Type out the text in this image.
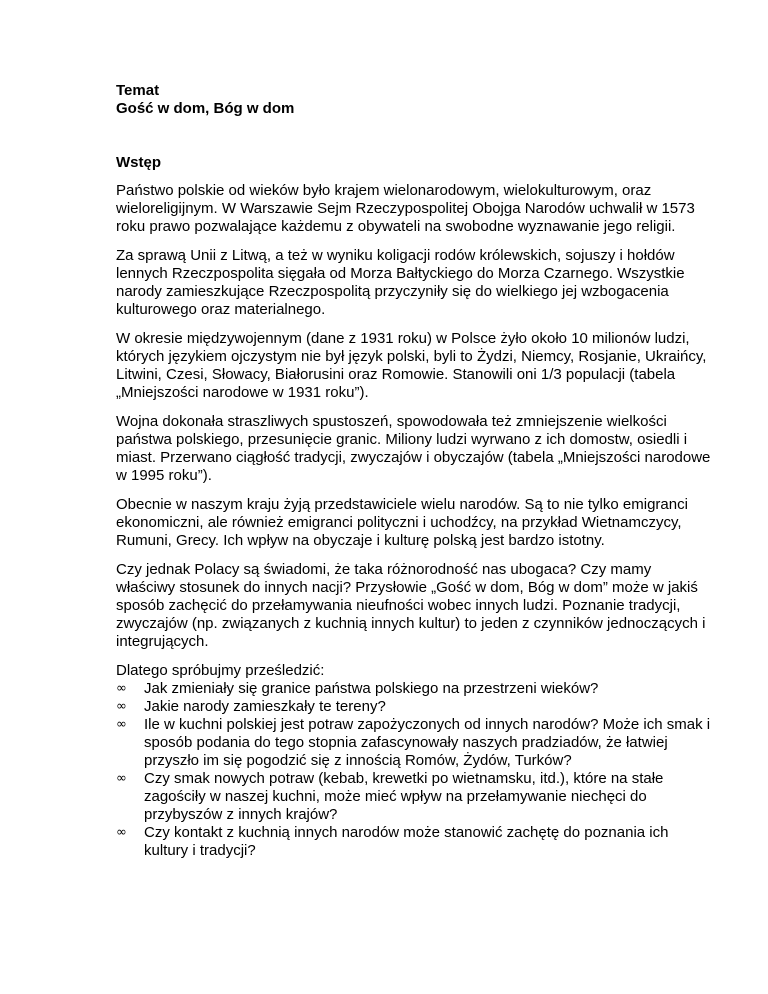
Temat
Gość w dom, Bóg w dom
Wstęp

Państwo polskie od wieków było krajem wielonarodowym, wielokulturowym, oraz wieloreligijnym. W Warszawie Sejm Rzeczypospolitej Obojga Narodów uchwalił w 1573 roku prawo pozwalające każdemu z obywateli na swobodne wyznawanie jego religii.

Za sprawą Unii z Litwą, a też w wyniku koligacji rodów królewskich, sojuszy i hołdów lennych Rzeczpospolita sięgała od Morza Bałtyckiego do Morza Czarnego. Wszystkie narody zamieszkujące Rzeczpospolitą przyczyniły się do wielkiego jej wzbogacenia kulturowego oraz materialnego.

W okresie międzywojennym (dane z 1931 roku) w Polsce żyło około 10 milionów ludzi, których językiem ojczystym nie był język polski, byli to Żydzi, Niemcy, Rosjanie, Ukraińcy, Litwini, Czesi, Słowacy, Białorusini oraz Romowie. Stanowili oni 1/3 populacji (tabela „Mniejszości narodowe w 1931 roku”).

Wojna dokonała straszliwych spustoszeń, spowodowała też zmniejszenie wielkości państwa polskiego, przesunięcie granic. Miliony ludzi wyrwano z ich domostw, osiedli i miast. Przerwano ciągłość tradycji, zwyczajów i obyczajów (tabela „Mniejszości narodowe w 1995 roku”).

Obecnie w naszym kraju żyją przedstawiciele wielu narodów. Są to nie tylko emigranci ekonomiczni, ale również emigranci polityczni i uchodźcy, na przykład Wietnamczycy, Rumuni, Grecy. Ich wpływ na obyczaje i kulturę polską jest bardzo istotny.

Czy jednak Polacy są świadomi, że taka różnorodność nas ubogaca? Czy mamy właściwy stosunek do innych nacji? Przysłowie „Gość w dom, Bóg w dom” może w jakiś sposób zachęcić do przełamywania nieufności wobec innych ludzi. Poznanie tradycji, zwyczajów (np. związanych z kuchnią innych kultur) to jeden z czynników jednoczących i integrujących.

Dlatego spróbujmy prześledzić:
∞	Jak zmieniały się granice państwa polskiego na przestrzeni wieków?
∞	Jakie narody zamieszkały te tereny?
∞	Ile w kuchni polskiej jest potraw zapożyczonych od innych narodów? Może ich smak i sposób podania do tego stopnia zafascynowały naszych pradziadów, że łatwiej przyszło im się pogodzić się z innością Romów, Żydów, Turków?
∞	Czy smak nowych potraw (kebab, krewetki po wietnamsku, itd.), które na stałe zagościły w naszej kuchni, może mieć wpływ na przełamywanie niechęci do przybyszów z innych krajów?
∞	Czy kontakt z kuchnią innych narodów może stanowić zachętę do poznania ich kultury i tradycji?
